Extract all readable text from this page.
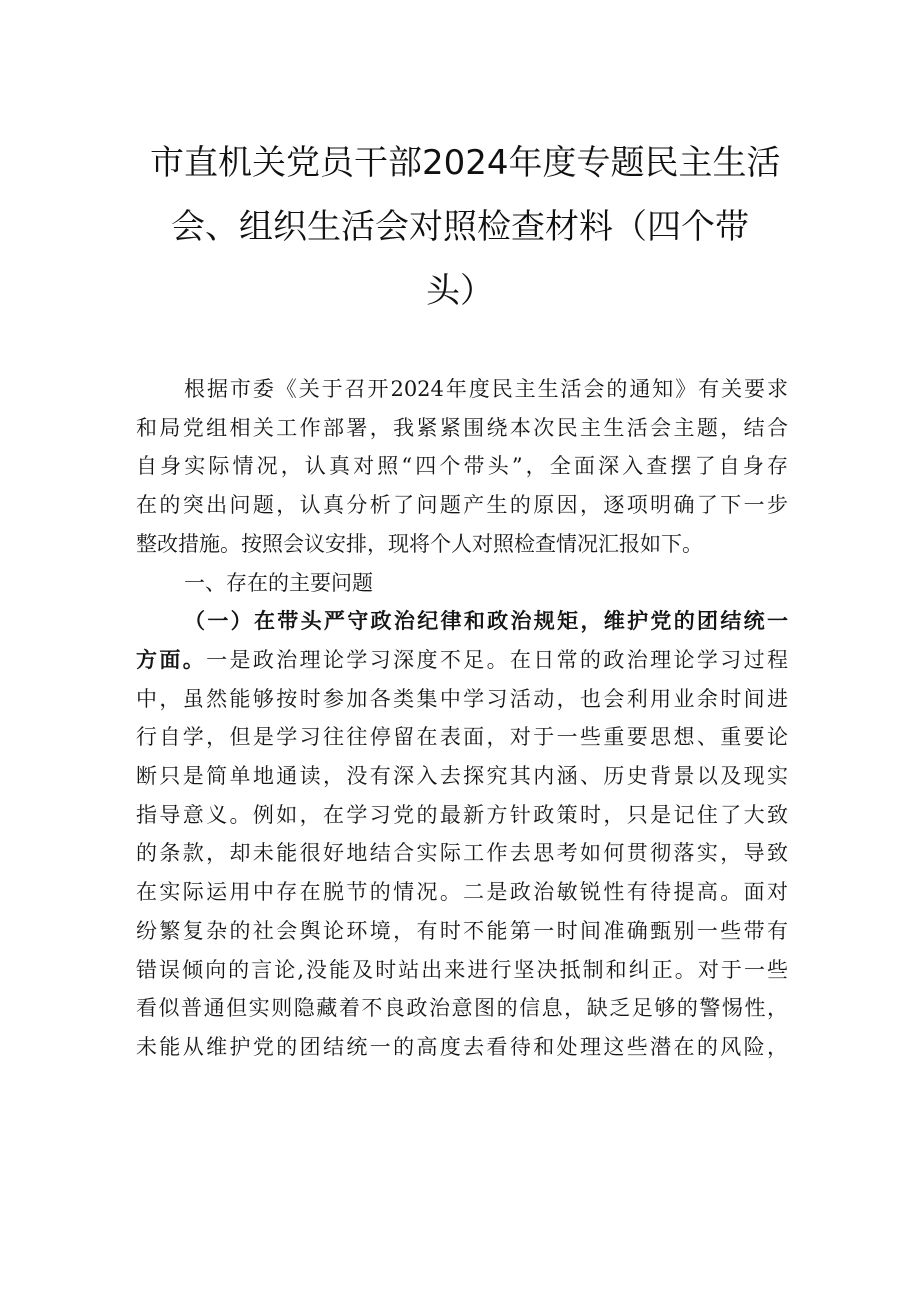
市直机关党员干部2024年度专题民主生活
会、组织生活会对照检查材料（四个带
头）
根据市委《关于召开2024年度民主生活会的通知》有关要求
和局党组相关工作部署，我紧紧围绕本次民主生活会主题，结合
自身实际情况，认真对照“四个带头”，全面深入查摆了自身存
在的突出问题，认真分析了问题产生的原因，逐项明确了下一步
整改措施。按照会议安排，现将个人对照检查情况汇报如下。
一、存在的主要问题
（一）在带头严守政治纪律和政治规矩，维护党的团结统一
方面。一是政治理论学习深度不足。在日常的政治理论学习过程
中，虽然能够按时参加各类集中学习活动，也会利用业余时间进
行自学，但是学习往往停留在表面，对于一些重要思想、重要论
断只是简单地通读，没有深入去探究其内涵、历史背景以及现实
指导意义。例如，在学习党的最新方针政策时，只是记住了大致
的条款，却未能很好地结合实际工作去思考如何贯彻落实，导致
在实际运用中存在脱节的情况。二是政治敏锐性有待提高。面对
纷繁复杂的社会舆论环境，有时不能第一时间准确甄别一些带有
错误倾向的言论,没能及时站出来进行坚决抵制和纠正。对于一些
看似普通但实则隐藏着不良政治意图的信息，缺乏足够的警惕性，
未能从维护党的团结统一的高度去看待和处理这些潜在的风险，
